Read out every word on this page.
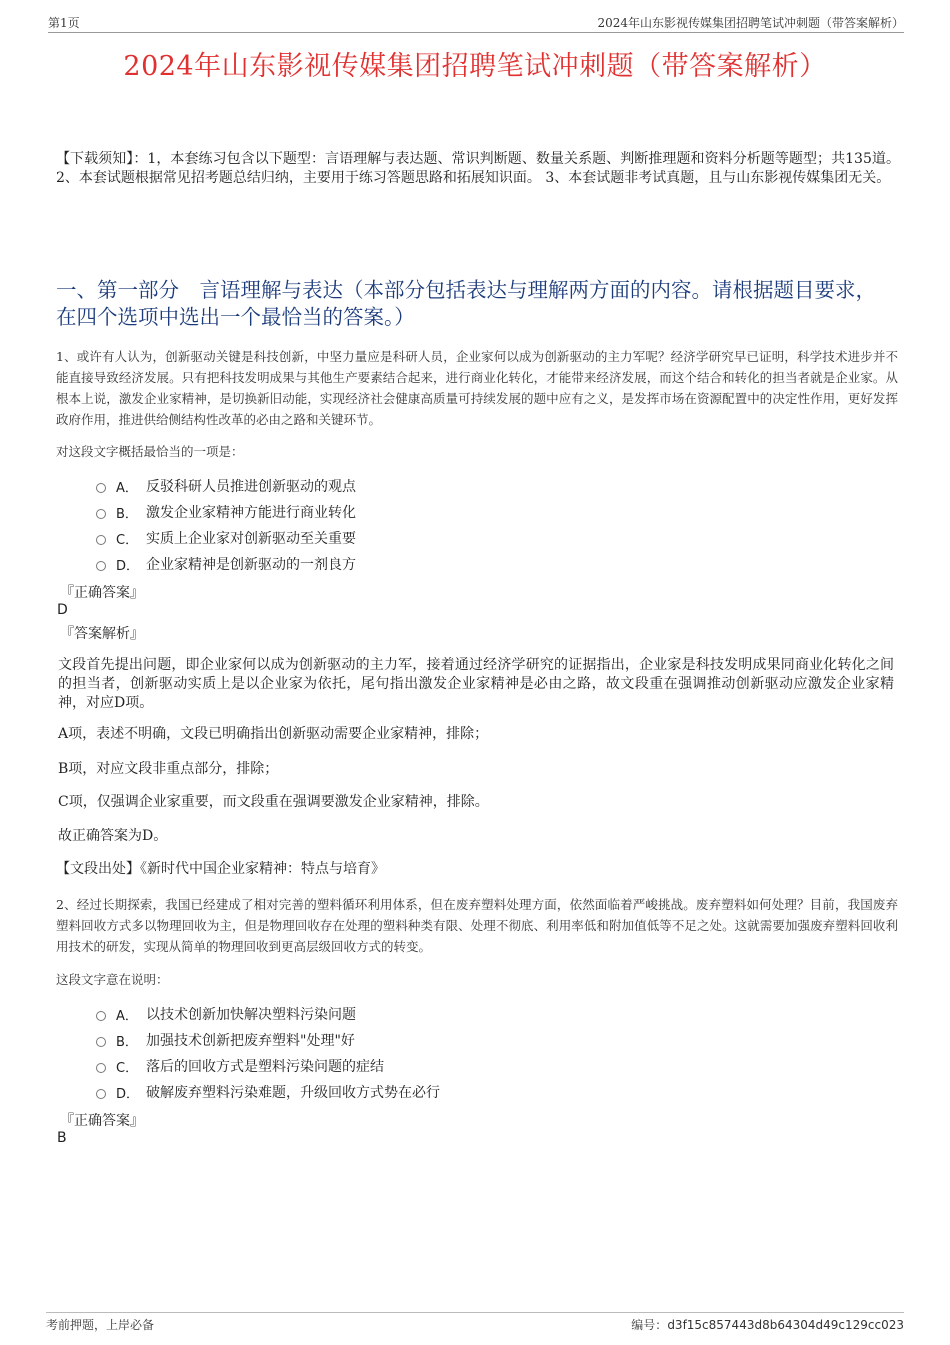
第1页	2024年山东影视传媒集团招聘笔试冲刺题（带答案解析）
2024年山东影视传媒集团招聘笔试冲刺题（带答案解析）
【下载须知】：1，本套练习包含以下题型：言语理解与表达题、常识判断题、数量关系题、判断推理题和资料分析题等题型；共135道。 2、本套试题根据常见招考题总结归纳，主要用于练习答题思路和拓展知识面。 3、本套试题非考试真题，且与山东影视传媒集团无关。
一、第一部分　言语理解与表达（本部分包括表达与理解两方面的内容。请根据题目要求，在四个选项中选出一个最恰当的答案。）
1、或许有人认为，创新驱动关键是科技创新，中坚力量应是科研人员，企业家何以成为创新驱动的主力军呢？经济学研究早已证明，科学技术进步并不能直接导致经济发展。只有把科技发明成果与其他生产要素结合起来，进行商业化转化，才能带来经济发展，而这个结合和转化的担当者就是企业家。从根本上说，激发企业家精神，是切换新旧动能，实现经济社会健康高质量可持续发展的题中应有之义，是发挥市场在资源配置中的决定性作用，更好发挥政府作用，推进供给侧结构性改革的必由之路和关键环节。
对这段文字概括最恰当的一项是：
A． 反驳科研人员推进创新驱动的观点
B． 激发企业家精神方能进行商业转化
C． 实质上企业家对创新驱动至关重要
D． 企业家精神是创新驱动的一剂良方
『正确答案』
D
『答案解析』
文段首先提出问题，即企业家何以成为创新驱动的主力军，接着通过经济学研究的证据指出，企业家是科技发明成果同商业化转化之间的担当者，创新驱动实质上是以企业家为依托，尾句指出激发企业家精神是必由之路，故文段重在强调推动创新驱动应激发企业家精神，对应D项。
A项，表述不明确，文段已明确指出创新驱动需要企业家精神，排除；
B项，对应文段非重点部分，排除；
C项，仅强调企业家重要，而文段重在强调要激发企业家精神，排除。
故正确答案为D。
【文段出处】《新时代中国企业家精神：特点与培育》
2、经过长期探索，我国已经建成了相对完善的塑料循环利用体系，但在废弃塑料处理方面，依然面临着严峻挑战。废弃塑料如何处理？目前，我国废弃塑料回收方式多以物理回收为主，但是物理回收存在处理的塑料种类有限、处理不彻底、利用率低和附加值低等不足之处。这就需要加强废弃塑料回收利用技术的研发，实现从简单的物理回收到更高层级回收方式的转变。
这段文字意在说明：
A． 以技术创新加快解决塑料污染问题
B． 加强技术创新把废弃塑料"处理"好
C． 落后的回收方式是塑料污染问题的症结
D． 破解废弃塑料污染难题，升级回收方式势在必行
『正确答案』
B
考前押题，上岸必备	编号：d3f15c857443d8b64304d49c129cc023
